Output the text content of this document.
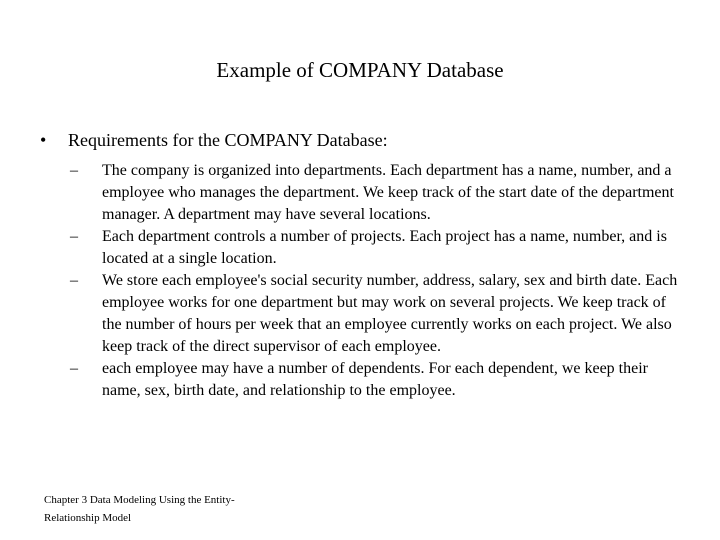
Example of COMPANY Database
•	Requirements for the COMPANY Database:
–	The company is organized into departments. Each department has a name, number, and a employee who manages the department. We keep track of the start date of the department manager. A department may have several locations.
–	Each department controls a number of projects. Each project has a name, number, and is located at a single location.
–	We store each employee's social security number, address, salary, sex and birth date. Each employee works for one department but may work on several projects. We keep track of the number of hours per week that an employee currently works on each project. We also keep track of the direct supervisor of each employee.
–	each employee may have a number of dependents. For each dependent, we keep their name, sex, birth date, and relationship to the employee.
Chapter 3 Data Modeling Using the Entity-Relationship Model
